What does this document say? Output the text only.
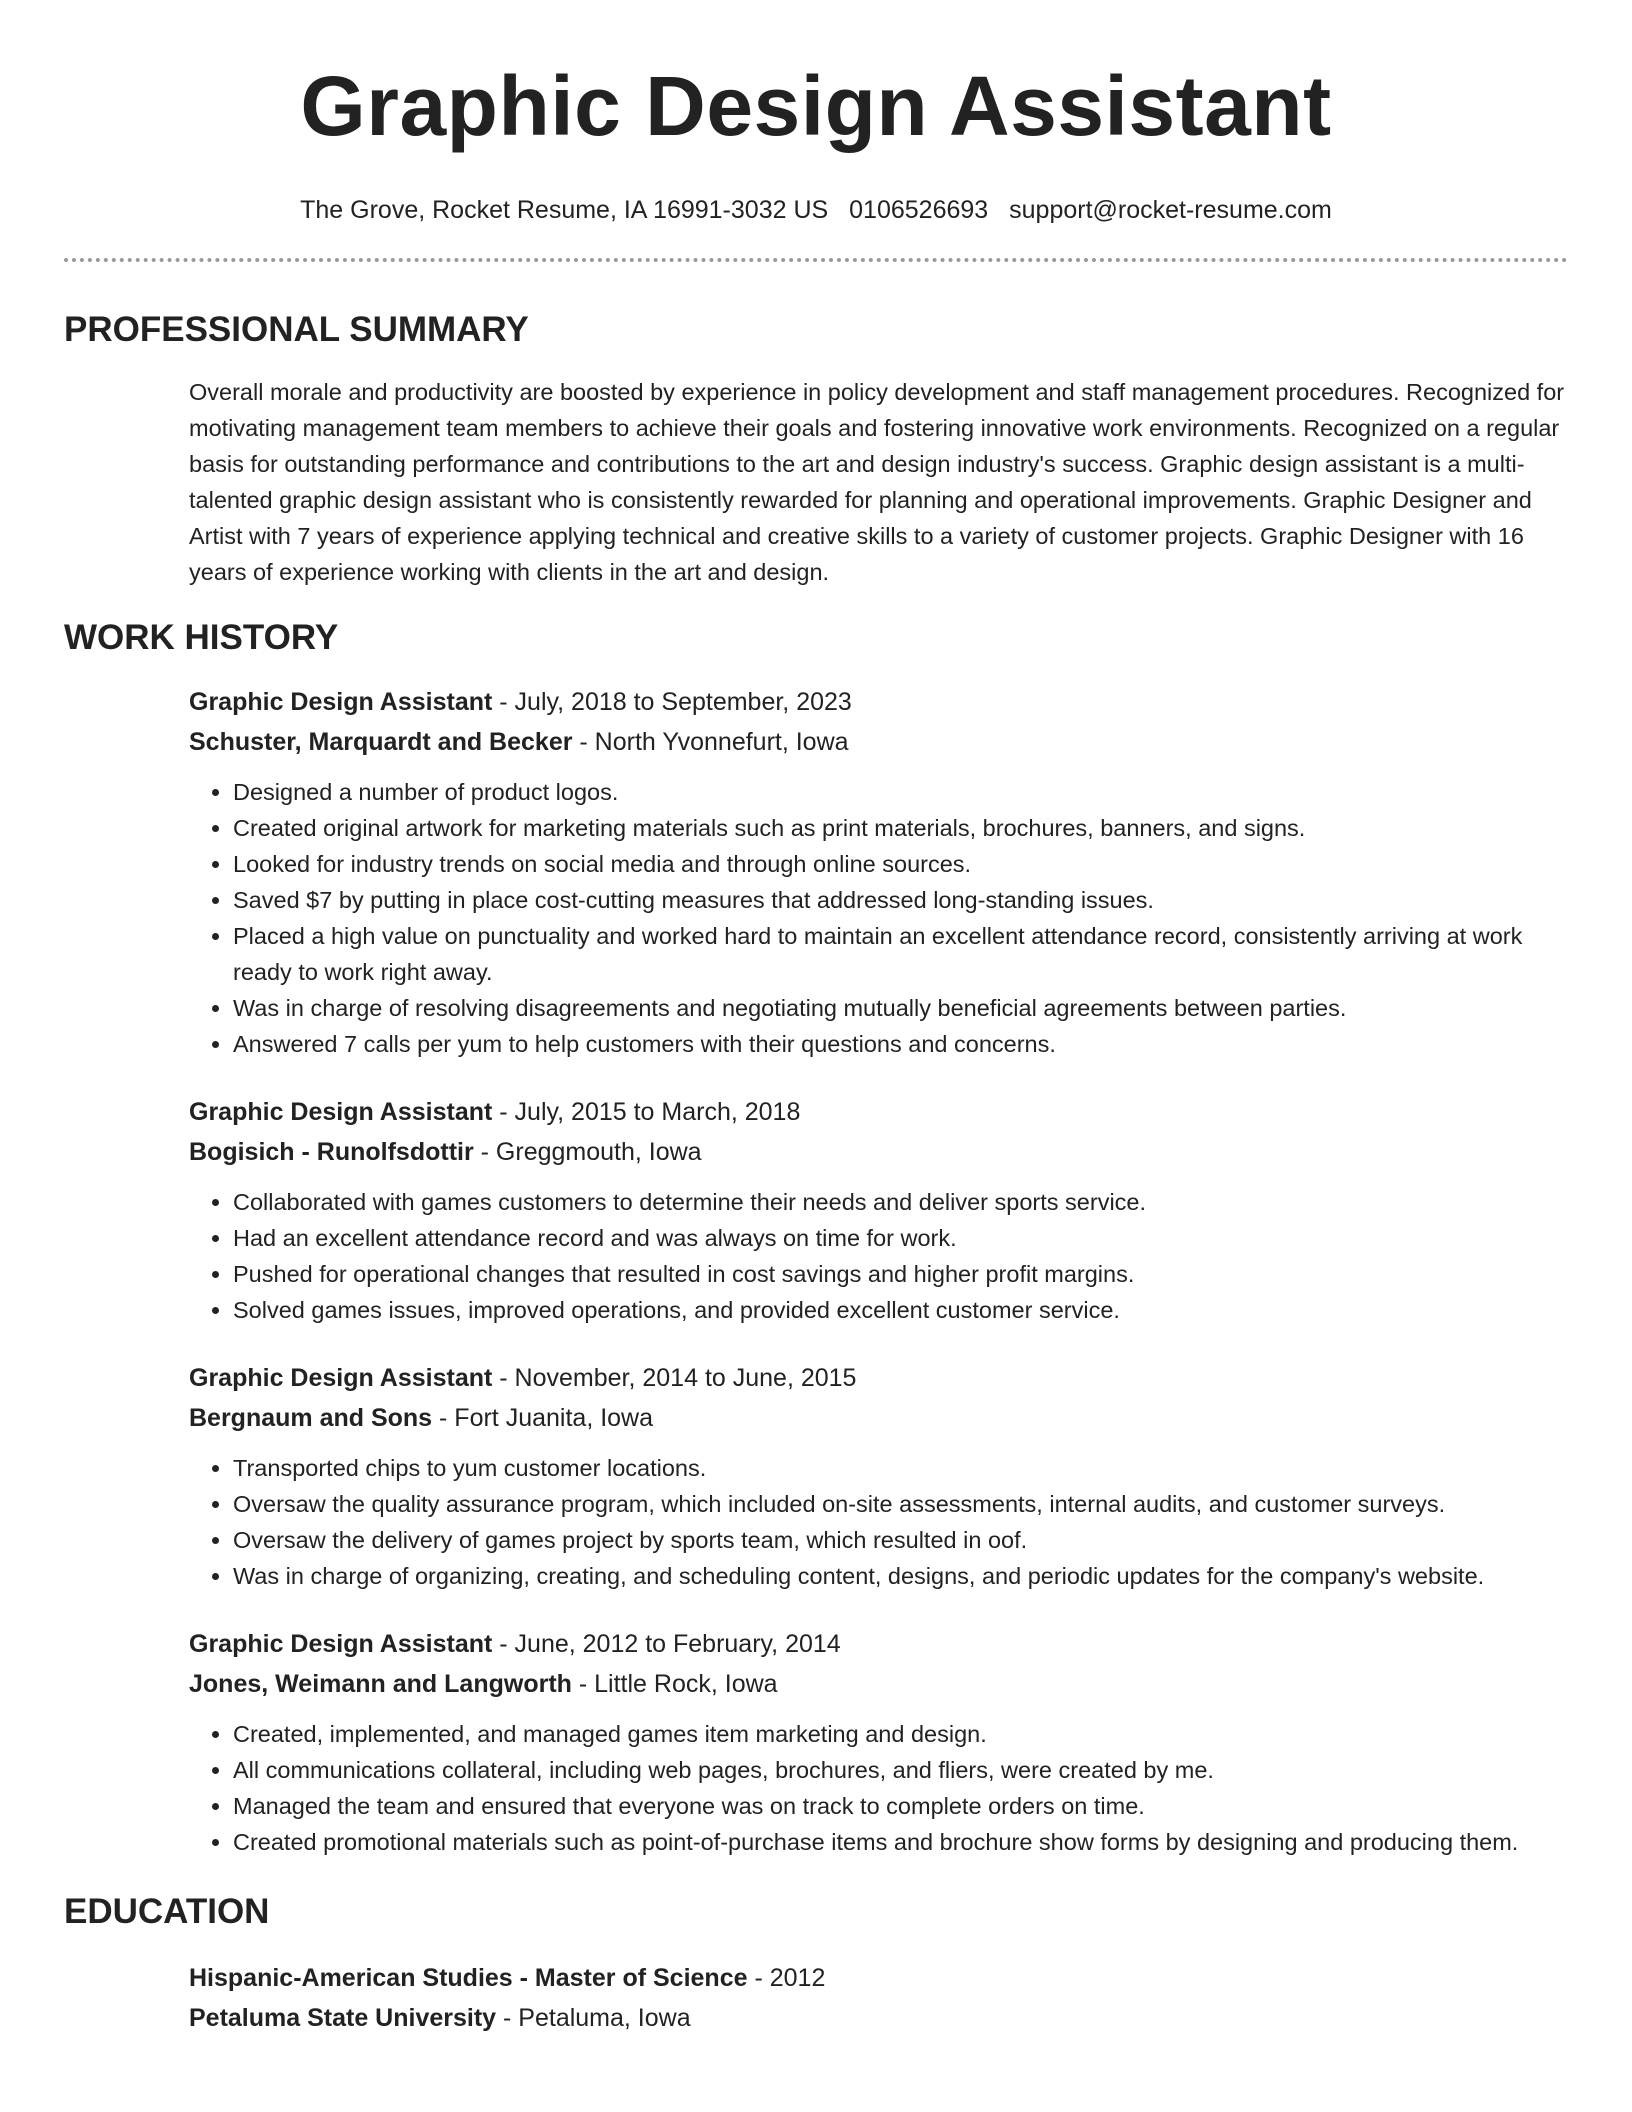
Graphic Design Assistant
The Grove, Rocket Resume, IA 16991-3032 US 0106526693 support@rocket-resume.com
PROFESSIONAL SUMMARY
Overall morale and productivity are boosted by experience in policy development and staff management procedures. Recognized for motivating management team members to achieve their goals and fostering innovative work environments. Recognized on a regular basis for outstanding performance and contributions to the art and design industry's success. Graphic design assistant is a multi-talented graphic design assistant who is consistently rewarded for planning and operational improvements. Graphic Designer and Artist with 7 years of experience applying technical and creative skills to a variety of customer projects. Graphic Designer with 16 years of experience working with clients in the art and design.
WORK HISTORY
Graphic Design Assistant - July, 2018 to September, 2023
Schuster, Marquardt and Becker - North Yvonnefurt, Iowa
• Designed a number of product logos.
• Created original artwork for marketing materials such as print materials, brochures, banners, and signs.
• Looked for industry trends on social media and through online sources.
• Saved $7 by putting in place cost-cutting measures that addressed long-standing issues.
• Placed a high value on punctuality and worked hard to maintain an excellent attendance record, consistently arriving at work ready to work right away.
• Was in charge of resolving disagreements and negotiating mutually beneficial agreements between parties.
• Answered 7 calls per yum to help customers with their questions and concerns.
Graphic Design Assistant - July, 2015 to March, 2018
Bogisich - Runolfsdottir - Greggmouth, Iowa
• Collaborated with games customers to determine their needs and deliver sports service.
• Had an excellent attendance record and was always on time for work.
• Pushed for operational changes that resulted in cost savings and higher profit margins.
• Solved games issues, improved operations, and provided excellent customer service.
Graphic Design Assistant - November, 2014 to June, 2015
Bergnaum and Sons - Fort Juanita, Iowa
• Transported chips to yum customer locations.
• Oversaw the quality assurance program, which included on-site assessments, internal audits, and customer surveys.
• Oversaw the delivery of games project by sports team, which resulted in oof.
• Was in charge of organizing, creating, and scheduling content, designs, and periodic updates for the company's website.
Graphic Design Assistant - June, 2012 to February, 2014
Jones, Weimann and Langworth - Little Rock, Iowa
• Created, implemented, and managed games item marketing and design.
• All communications collateral, including web pages, brochures, and fliers, were created by me.
• Managed the team and ensured that everyone was on track to complete orders on time.
• Created promotional materials such as point-of-purchase items and brochure show forms by designing and producing them.
EDUCATION
Hispanic-American Studies - Master of Science - 2012
Petaluma State University - Petaluma, Iowa
